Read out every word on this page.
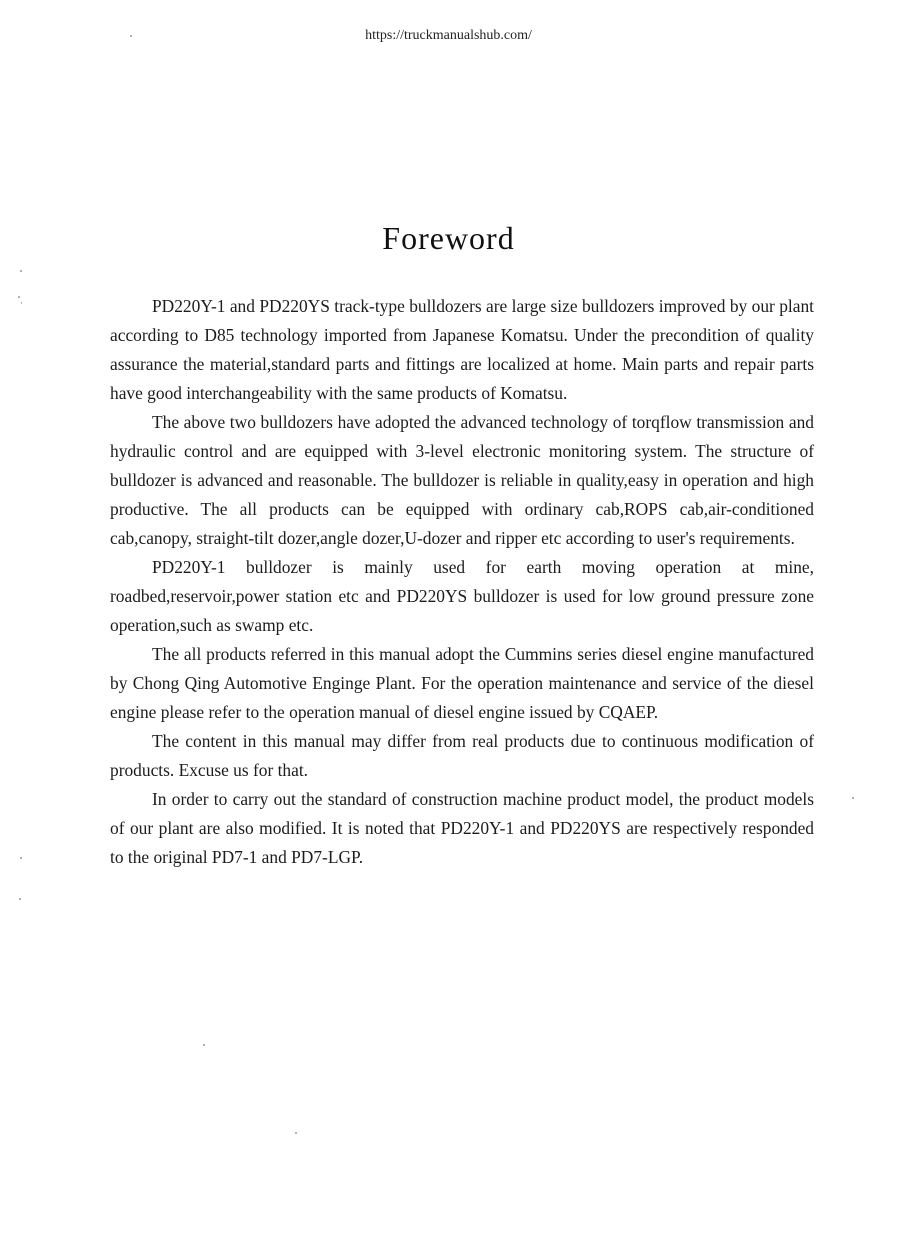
https://truckmanualshub.com/
Foreword

PD220Y-1 and PD220YS track-type bulldozers are large size bulldozers improved by our plant according to D85 technology imported from Japanese Komatsu. Under the precondition of quality assurance the material,standard parts and fittings are localized at home. Main parts and repair parts have good interchangeability with the same products of Komatsu.

The above two bulldozers have adopted the advanced technology of torqflow transmission and hydraulic control and are equipped with 3-level electronic monitoring system. The structure of bulldozer is advanced and reasonable. The bulldozer is reliable in quality,easy in operation and high productive. The all products can be equipped with ordinary cab,ROPS cab,air-conditioned cab,canopy, straight-tilt dozer,angle dozer,U-dozer and ripper etc according to user's requirements.

PD220Y-1 bulldozer is mainly used for earth moving operation at mine, roadbed,reservoir,power station etc and PD220YS bulldozer is used for low ground pressure zone operation,such as swamp etc.

The all products referred in this manual adopt the Cummins series diesel engine manufactured by Chong Qing Automotive Enginge Plant. For the operation maintenance and service of the diesel engine please refer to the operation manual of diesel engine issued by CQAEP.

The content in this manual may differ from real products due to continuous modification of products. Excuse us for that.

In order to carry out the standard of construction machine product model, the product models of our plant are also modified. It is noted that PD220Y-1 and PD220YS are respectively responded to the original PD7-1 and PD7-LGP.
